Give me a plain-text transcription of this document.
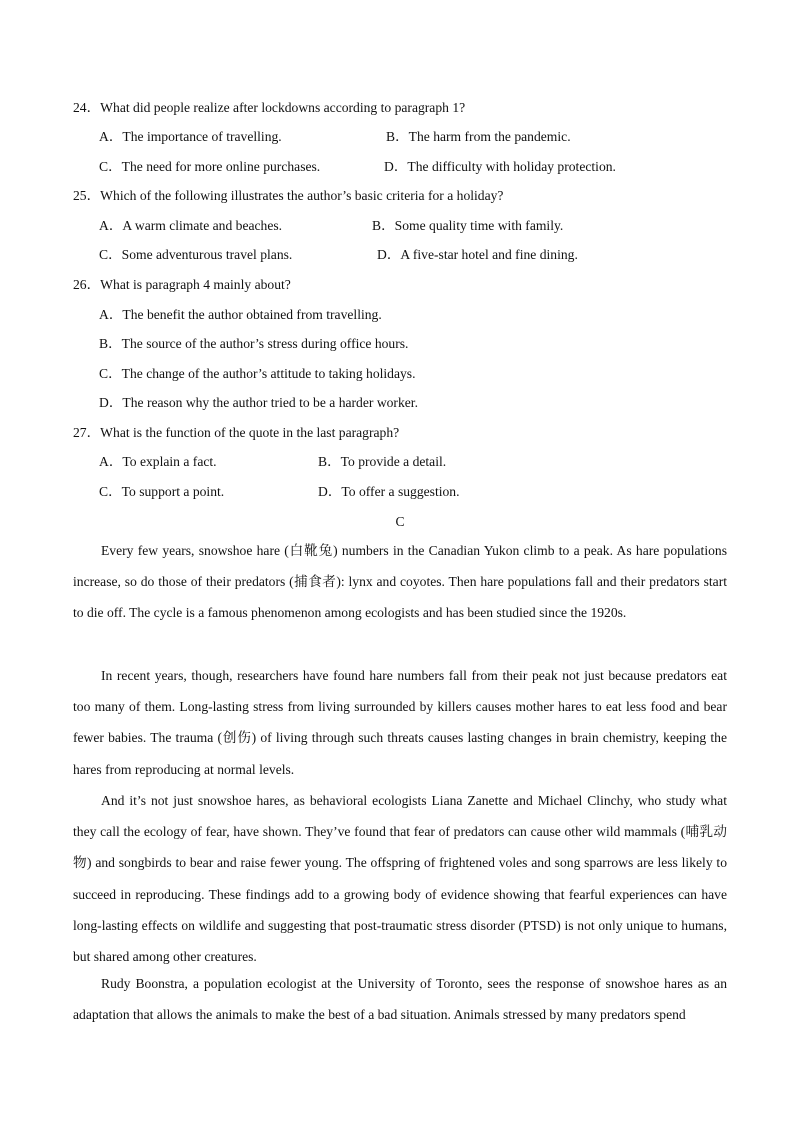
24．What did people realize after lockdowns according to paragraph 1?
A．The importance of travelling.	B．The harm from the pandemic.
C．The need for more online purchases.	D．The difficulty with holiday protection.
25．Which of the following illustrates the author’s basic criteria for a holiday?
A．A warm climate and beaches.	B．Some quality time with family.
C．Some adventurous travel plans.	D．A five-star hotel and fine dining.
26．What is paragraph 4 mainly about?
A．The benefit the author obtained from travelling.
B．The source of the author’s stress during office hours.
C．The change of the author’s attitude to taking holidays.
D．The reason why the author tried to be a harder worker.
27．What is the function of the quote in the last paragraph?
A．To explain a fact.	B．To provide a detail.
C．To support a point.	D．To offer a suggestion.
C
Every few years, snowshoe hare (白靴兔) numbers in the Canadian Yukon climb to a peak. As hare populations increase, so do those of their predators (捕食者): lynx and coyotes. Then hare populations fall and their predators start to die off. The cycle is a famous phenomenon among ecologists and has been studied since the 1920s.
In recent years, though, researchers have found hare numbers fall from their peak not just because predators eat too many of them. Long-lasting stress from living surrounded by killers causes mother hares to eat less food and bear fewer babies. The trauma (创伤) of living through such threats causes lasting changes in brain chemistry, keeping the hares from reproducing at normal levels.
And it’s not just snowshoe hares, as behavioral ecologists Liana Zanette and Michael Clinchy, who study what they call the ecology of fear, have shown. They’ve found that fear of predators can cause other wild mammals (哺乳动物) and songbirds to bear and raise fewer young. The offspring of frightened voles and song sparrows are less likely to succeed in reproducing. These findings add to a growing body of evidence showing that fearful experiences can have long-lasting effects on wildlife and suggesting that post-traumatic stress disorder (PTSD) is not only unique to humans, but shared among other creatures.
Rudy Boonstra, a population ecologist at the University of Toronto, sees the response of snowshoe hares as an adaptation that allows the animals to make the best of a bad situation. Animals stressed by many predators spend
